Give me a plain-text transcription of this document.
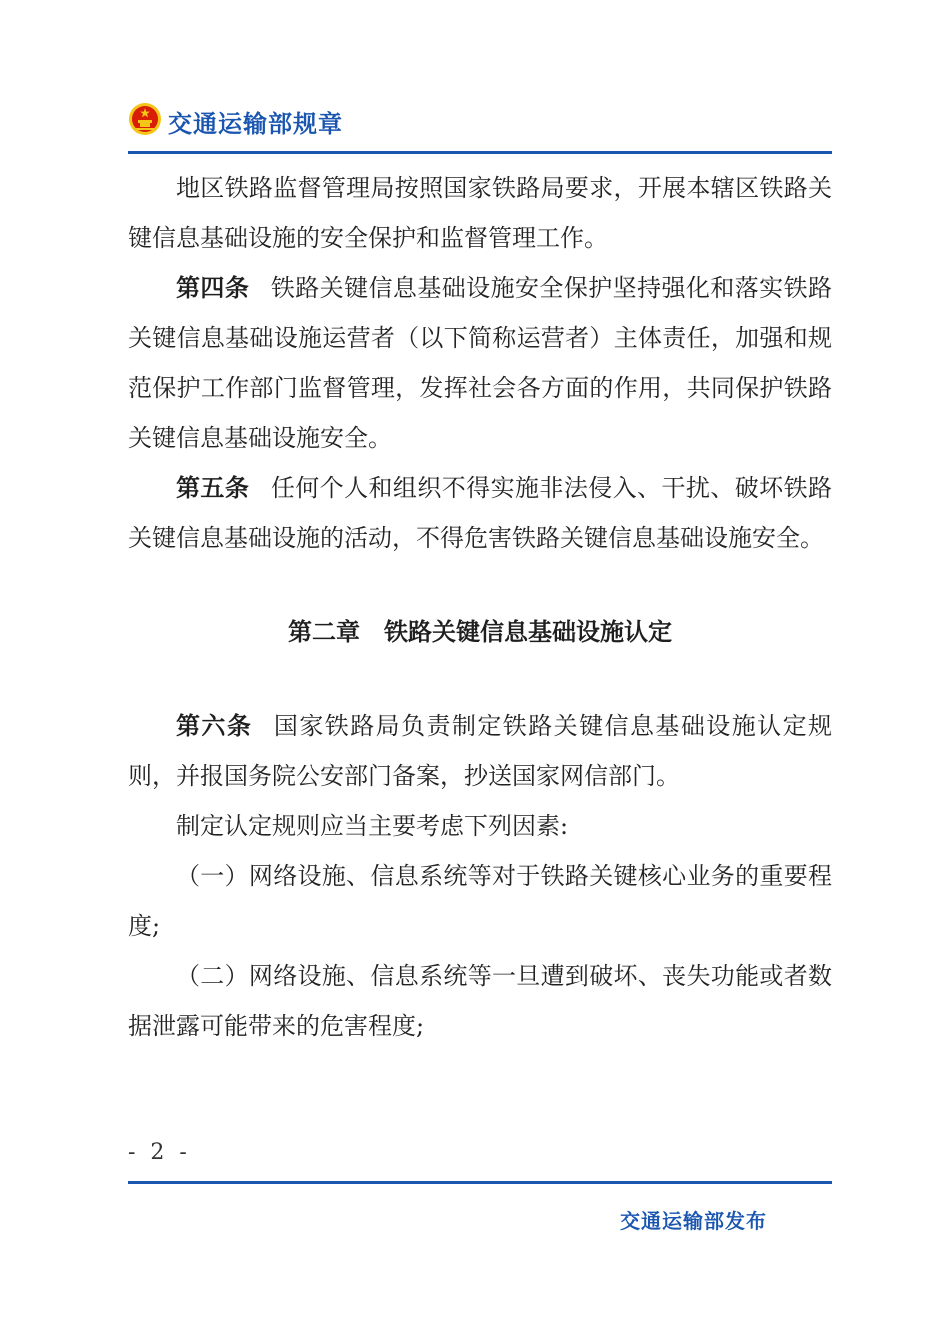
交通运输部规章

地区铁路监督管理局按照国家铁路局要求，开展本辖区铁路关键信息基础设施的安全保护和监督管理工作。

第四条 铁路关键信息基础设施安全保护坚持强化和落实铁路关键信息基础设施运营者（以下简称运营者）主体责任，加强和规范保护工作部门监督管理，发挥社会各方面的作用，共同保护铁路关键信息基础设施安全。

第五条 任何个人和组织不得实施非法侵入、干扰、破坏铁路关键信息基础设施的活动，不得危害铁路关键信息基础设施安全。

第二章　铁路关键信息基础设施认定

第六条 国家铁路局负责制定铁路关键信息基础设施认定规则，并报国务院公安部门备案，抄送国家网信部门。

制定认定规则应当主要考虑下列因素:

（一）网络设施、信息系统等对于铁路关键核心业务的重要程度;

（二）网络设施、信息系统等一旦遭到破坏、丧失功能或者数据泄露可能带来的危害程度;

- 2 -
交通运输部发布
